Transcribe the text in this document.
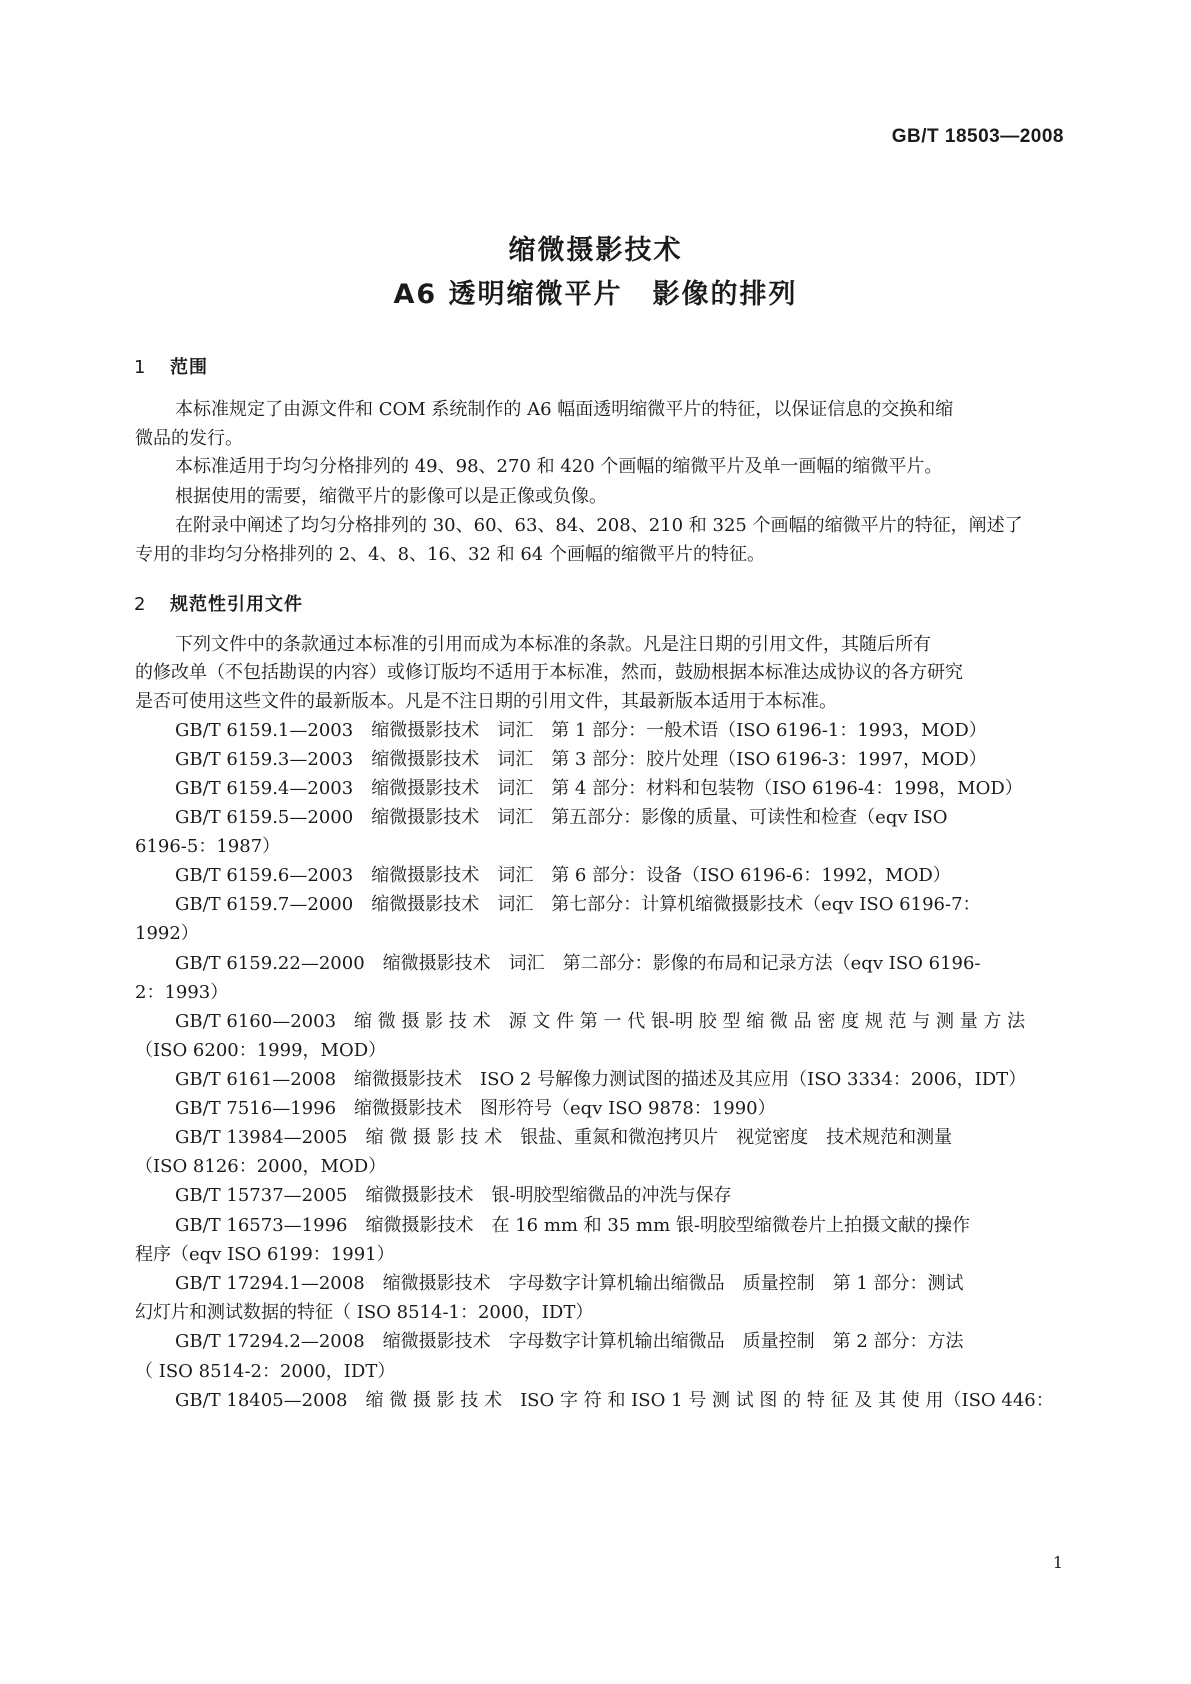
GB/T 18503—2008
缩微摄影技术
A6 透明缩微平片 影像的排列
1 范围
本标准规定了由源文件和 COM 系统制作的 A6 幅面透明缩微平片的特征，以保证信息的交换和缩
微品的发行。
本标准适用于均匀分格排列的 49、98、270 和 420 个画幅的缩微平片及单一画幅的缩微平片。
根据使用的需要，缩微平片的影像可以是正像或负像。
在附录中阐述了均匀分格排列的 30、60、63、84、208、210 和 325 个画幅的缩微平片的特征，阐述了
专用的非均匀分格排列的 2、4、8、16、32 和 64 个画幅的缩微平片的特征。
2 规范性引用文件
下列文件中的条款通过本标准的引用而成为本标准的条款。凡是注日期的引用文件，其随后所有
的修改单（不包括勘误的内容）或修订版均不适用于本标准，然而，鼓励根据本标准达成协议的各方研究
是否可使用这些文件的最新版本。凡是不注日期的引用文件，其最新版本适用于本标准。
GB/T 6159.1—2003　缩微摄影技术　词汇　第 1 部分：一般术语（ISO 6196-1：1993，MOD）
GB/T 6159.3—2003　缩微摄影技术　词汇　第 3 部分：胶片处理（ISO 6196-3：1997，MOD）
GB/T 6159.4—2003　缩微摄影技术　词汇　第 4 部分：材料和包装物（ISO 6196-4：1998，MOD）
GB/T 6159.5—2000　缩微摄影技术　词汇　第五部分：影像的质量、可读性和检查（eqv ISO
6196-5：1987）
GB/T 6159.6—2003　缩微摄影技术　词汇　第 6 部分：设备（ISO 6196-6：1992，MOD）
GB/T 6159.7—2000　缩微摄影技术　词汇　第七部分：计算机缩微摄影技术（eqv ISO 6196-7：
1992）
GB/T 6159.22—2000　缩微摄影技术　词汇　第二部分：影像的布局和记录方法（eqv ISO 6196-
2：1993）
GB/T 6160—2003　缩 微 摄 影 技 术　源 文 件 第 一 代 银-明 胶 型 缩 微 品 密 度 规 范 与 测 量 方 法
（ISO 6200：1999，MOD）
GB/T 6161—2008　缩微摄影技术　ISO 2 号解像力测试图的描述及其应用（ISO 3334：2006，IDT）
GB/T 7516—1996　缩微摄影技术　图形符号（eqv ISO 9878：1990）
GB/T 13984—2005　缩 微 摄 影 技 术　银盐、重氮和微泡拷贝片　视觉密度　技术规范和测量
（ISO 8126：2000，MOD）
GB/T 15737—2005　缩微摄影技术　银-明胶型缩微品的冲洗与保存
GB/T 16573—1996　缩微摄影技术　在 16 mm 和 35 mm 银-明胶型缩微卷片上拍摄文献的操作
程序（eqv ISO 6199：1991）
GB/T 17294.1—2008　缩微摄影技术　字母数字计算机输出缩微品　质量控制　第 1 部分：测试
幻灯片和测试数据的特征（ ISO 8514-1：2000，IDT）
GB/T 17294.2—2008　缩微摄影技术　字母数字计算机输出缩微品　质量控制　第 2 部分：方法
（ ISO 8514-2：2000，IDT）
GB/T 18405—2008　缩 微 摄 影 技 术　ISO 字 符 和 ISO 1 号 测 试 图 的 特 征 及 其 使 用（ISO 446：
1
